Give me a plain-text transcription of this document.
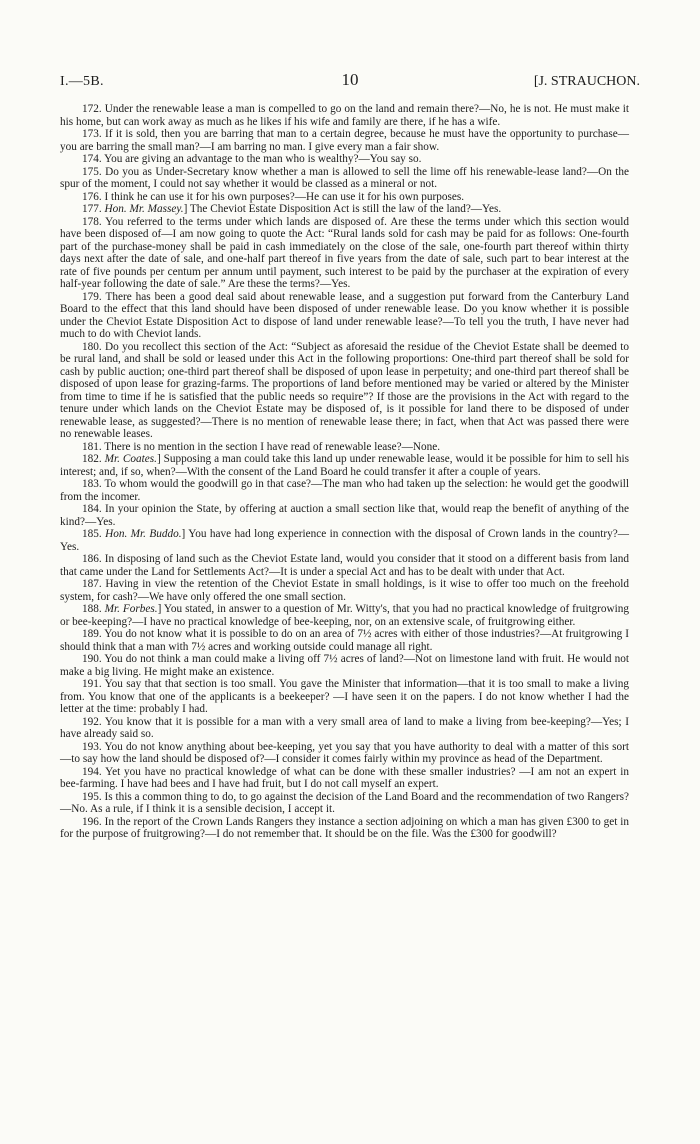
I.—5B.	10	[J. STRAUCHON.

172. Under the renewable lease a man is compelled to go on the land and remain there?—No, he is not. He must make it his home, but can work away as much as he likes if his wife and family are there, if he has a wife.

173. If it is sold, then you are barring that man to a certain degree, because he must have the opportunity to purchase—you are barring the small man?—I am barring no man. I give every man a fair show.

174. You are giving an advantage to the man who is wealthy?—You say so.

175. Do you as Under-Secretary know whether a man is allowed to sell the lime off his renewable-lease land?—On the spur of the moment, I could not say whether it would be classed as a mineral or not.

176. I think he can use it for his own purposes?—He can use it for his own purposes.

177. Hon. Mr. Massey.] The Cheviot Estate Disposition Act is still the law of the land?—Yes.

178. You referred to the terms under which lands are disposed of. Are these the terms under which this section would have been disposed of—I am now going to quote the Act: “Rural lands sold for cash may be paid for as follows: One-fourth part of the purchase-money shall be paid in cash immediately on the close of the sale, one-fourth part thereof within thirty days next after the date of sale, and one-half part thereof in five years from the date of sale, such part to bear interest at the rate of five pounds per centum per annum until payment, such interest to be paid by the purchaser at the expiration of every half-year following the date of sale.” Are these the terms?—Yes.

179. There has been a good deal said about renewable lease, and a suggestion put forward from the Canterbury Land Board to the effect that this land should have been disposed of under renewable lease. Do you know whether it is possible under the Cheviot Estate Disposition Act to dispose of land under renewable lease?—To tell you the truth, I have never had much to do with Cheviot lands.

180. Do you recollect this section of the Act: “Subject as aforesaid the residue of the Cheviot Estate shall be deemed to be rural land, and shall be sold or leased under this Act in the following proportions: One-third part thereof shall be sold for cash by public auction; one-third part thereof shall be disposed of upon lease in perpetuity; and one-third part thereof shall be disposed of upon lease for grazing-farms. The proportions of land before mentioned may be varied or altered by the Minister from time to time if he is satisfied that the public needs so require”? If those are the provisions in the Act with regard to the tenure under which lands on the Cheviot Estate may be disposed of, is it possible for land there to be disposed of under renewable lease, as suggested?—There is no mention of renewable lease there; in fact, when that Act was passed there were no renewable leases.

181. There is no mention in the section I have read of renewable lease?—None.

182. Mr. Coates.] Supposing a man could take this land up under renewable lease, would it be possible for him to sell his interest; and, if so, when?—With the consent of the Land Board he could transfer it after a couple of years.

183. To whom would the goodwill go in that case?—The man who had taken up the selection: he would get the goodwill from the incomer.

184. In your opinion the State, by offering at auction a small section like that, would reap the benefit of anything of the kind?—Yes.

185. Hon. Mr. Buddo.] You have had long experience in connection with the disposal of Crown lands in the country?—Yes.

186. In disposing of land such as the Cheviot Estate land, would you consider that it stood on a different basis from land that came under the Land for Settlements Act?—It is under a special Act and has to be dealt with under that Act.

187. Having in view the retention of the Cheviot Estate in small holdings, is it wise to offer too much on the freehold system, for cash?—We have only offered the one small section.

188. Mr. Forbes.] You stated, in answer to a question of Mr. Witty's, that you had no practical knowledge of fruitgrowing or bee-keeping?—I have no practical knowledge of bee-keeping, nor, on an extensive scale, of fruitgrowing either.

189. You do not know what it is possible to do on an area of 7½ acres with either of those industries?—At fruitgrowing I should think that a man with 7½ acres and working outside could manage all right.

190. You do not think a man could make a living off 7½ acres of land?—Not on limestone land with fruit. He would not make a big living. He might make an existence.

191. You say that that section is too small. You gave the Minister that information—that it is too small to make a living from. You know that one of the applicants is a beekeeper? —I have seen it on the papers. I do not know whether I had the letter at the time: probably I had.

192. You know that it is possible for a man with a very small area of land to make a living from bee-keeping?—Yes; I have already said so.

193. You do not know anything about bee-keeping, yet you say that you have authority to deal with a matter of this sort—to say how the land should be disposed of?—I consider it comes fairly within my province as head of the Department.

194. Yet you have no practical knowledge of what can be done with these smaller industries? —I am not an expert in bee-farming. I have had bees and I have had fruit, but I do not call myself an expert.

195. Is this a common thing to do, to go against the decision of the Land Board and the recommendation of two Rangers?—No. As a rule, if I think it is a sensible decision, I accept it.

196. In the report of the Crown Lands Rangers they instance a section adjoining on which a man has given £300 to get in for the purpose of fruitgrowing?—I do not remember that. It should be on the file. Was the £300 for goodwill?
